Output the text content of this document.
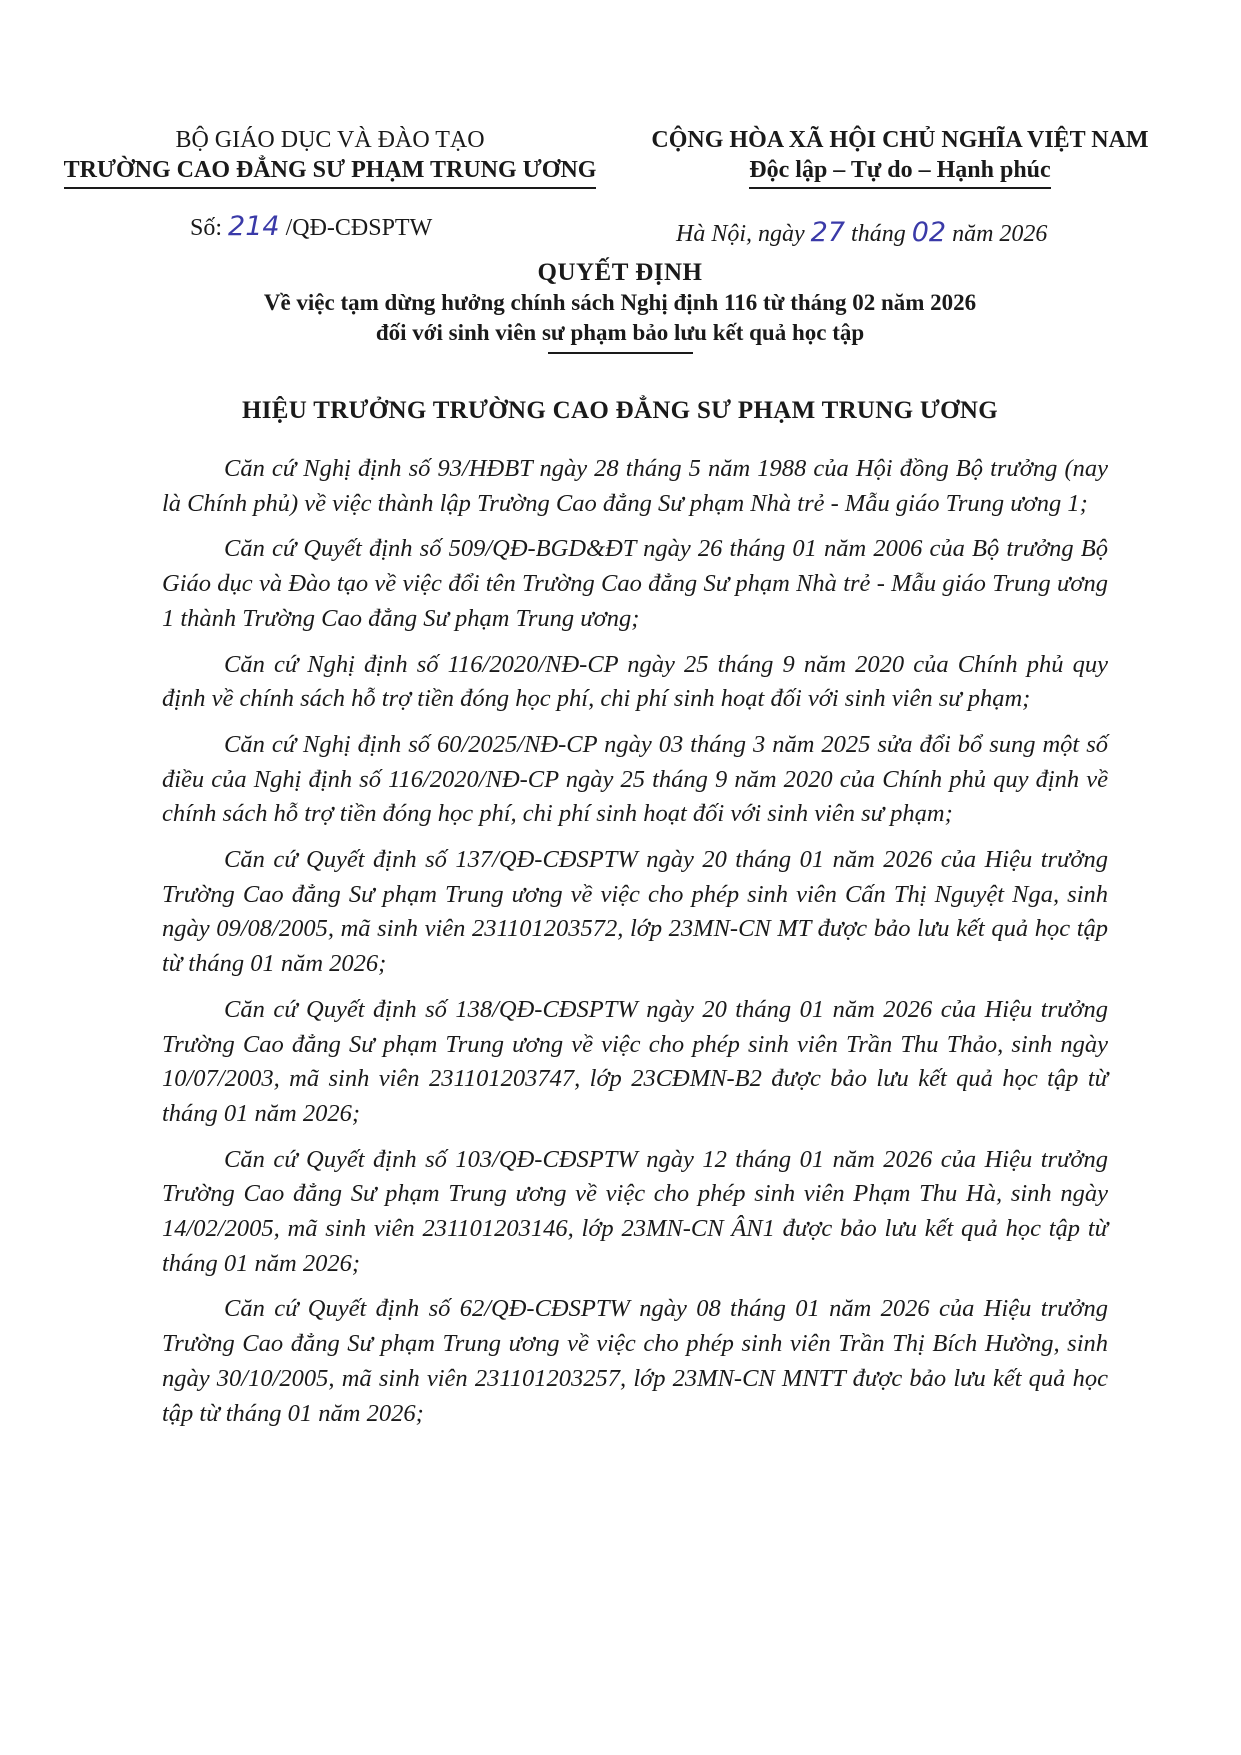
BỘ GIÁO DỤC VÀ ĐÀO TẠO
TRƯỜNG CAO ĐẲNG SƯ PHẠM TRUNG ƯƠNG
CỘNG HÒA XÃ HỘI CHỦ NGHĨA VIỆT NAM
Độc lập – Tự do – Hạnh phúc
Số: 214 /QĐ-CĐSPTW	Hà Nội, ngày 27 tháng 02 năm 2026
QUYẾT ĐỊNH
Về việc tạm dừng hưởng chính sách Nghị định 116 từ tháng 02 năm 2026
đối với sinh viên sư phạm bảo lưu kết quả học tập
HIỆU TRƯỞNG TRƯỜNG CAO ĐẲNG SƯ PHẠM TRUNG ƯƠNG

Căn cứ Nghị định số 93/HĐBT ngày 28 tháng 5 năm 1988 của Hội đồng Bộ trưởng (nay là Chính phủ) về việc thành lập Trường Cao đẳng Sư phạm Nhà trẻ - Mẫu giáo Trung ương 1;

Căn cứ Quyết định số 509/QĐ-BGD&ĐT ngày 26 tháng 01 năm 2006 của Bộ trưởng Bộ Giáo dục và Đào tạo về việc đổi tên Trường Cao đẳng Sư phạm Nhà trẻ - Mẫu giáo Trung ương 1 thành Trường Cao đẳng Sư phạm Trung ương;

Căn cứ Nghị định số 116/2020/NĐ-CP ngày 25 tháng 9 năm 2020 của Chính phủ quy định về chính sách hỗ trợ tiền đóng học phí, chi phí sinh hoạt đối với sinh viên sư phạm;

Căn cứ Nghị định số 60/2025/NĐ-CP ngày 03 tháng 3 năm 2025 sửa đổi bổ sung một số điều của Nghị định số 116/2020/NĐ-CP ngày 25 tháng 9 năm 2020 của Chính phủ quy định về chính sách hỗ trợ tiền đóng học phí, chi phí sinh hoạt đối với sinh viên sư phạm;

Căn cứ Quyết định số 137/QĐ-CĐSPTW ngày 20 tháng 01 năm 2026 của Hiệu trưởng Trường Cao đẳng Sư phạm Trung ương về việc cho phép sinh viên Cấn Thị Nguyệt Nga, sinh ngày 09/08/2005, mã sinh viên 231101203572, lớp 23MN-CN MT được bảo lưu kết quả học tập từ tháng 01 năm 2026;

Căn cứ Quyết định số 138/QĐ-CĐSPTW ngày 20 tháng 01 năm 2026 của Hiệu trưởng Trường Cao đẳng Sư phạm Trung ương về việc cho phép sinh viên Trần Thu Thảo, sinh ngày 10/07/2003, mã sinh viên 231101203747, lớp 23CĐMN-B2 được bảo lưu kết quả học tập từ tháng 01 năm 2026;

Căn cứ Quyết định số 103/QĐ-CĐSPTW ngày 12 tháng 01 năm 2026 của Hiệu trưởng Trường Cao đẳng Sư phạm Trung ương về việc cho phép sinh viên Phạm Thu Hà, sinh ngày 14/02/2005, mã sinh viên 231101203146, lớp 23MN-CN ÂN1 được bảo lưu kết quả học tập từ tháng 01 năm 2026;

Căn cứ Quyết định số 62/QĐ-CĐSPTW ngày 08 tháng 01 năm 2026 của Hiệu trưởng Trường Cao đẳng Sư phạm Trung ương về việc cho phép sinh viên Trần Thị Bích Hường, sinh ngày 30/10/2005, mã sinh viên 231101203257, lớp 23MN-CN MNTT được bảo lưu kết quả học tập từ tháng 01 năm 2026;
